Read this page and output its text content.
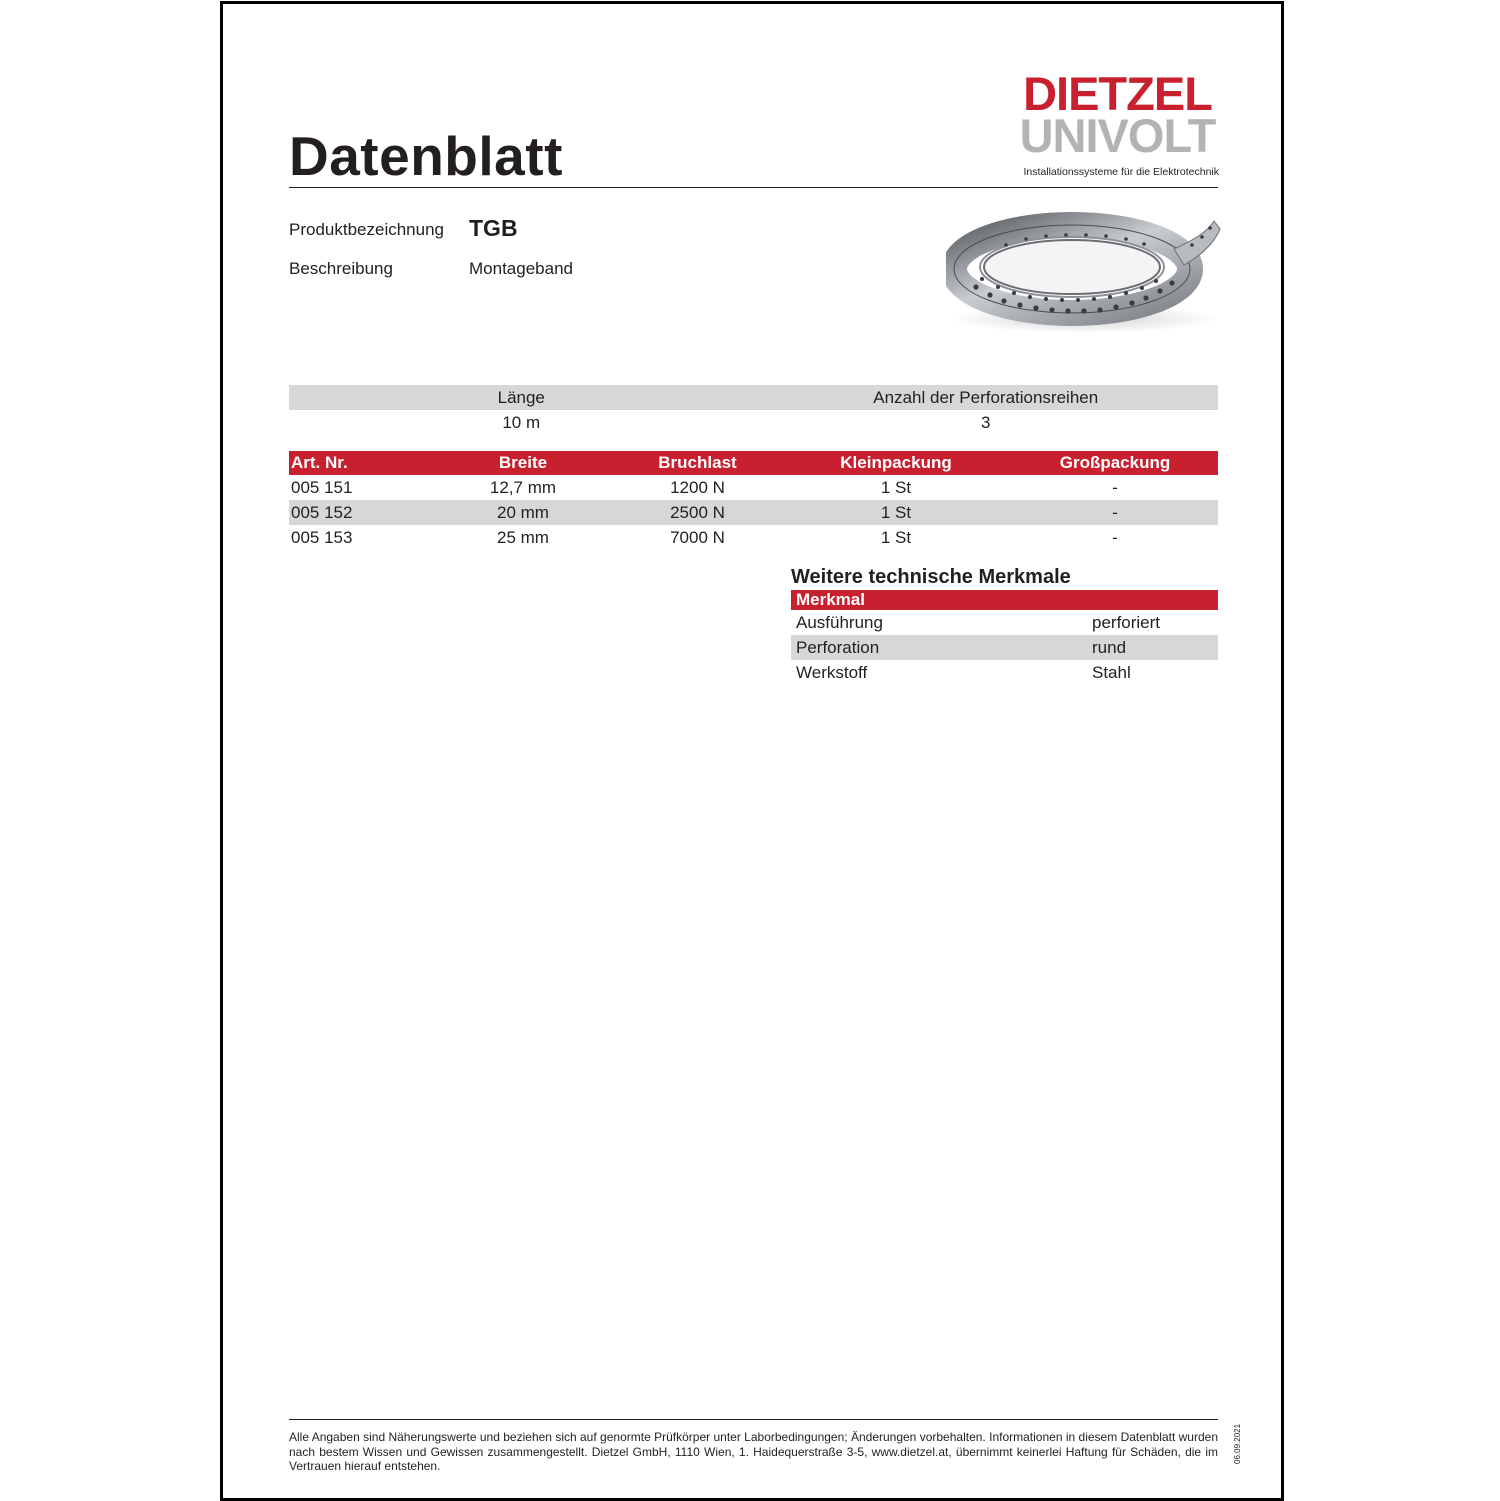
Datenblatt
DIETZEL
UNIVOLT
Installationssysteme für die Elektrotechnik
Produktbezeichnung TGB
Beschreibung	Montageband
Länge	Anzahl der Perforationsreihen
10 m	3
Art. Nr.	Breite	Bruchlast	Kleinpackung	Großpackung
005 151	12,7 mm	1200 N	1 St	-
005 152	20 mm	2500 N	1 St	-
005 153	25 mm	7000 N	1 St	-
Weitere technische Merkmale
Merkmal	
Ausführung	perforiert
Perforation	rund
Werkstoff	Stahl
Alle Angaben sind Näherungswerte und beziehen sich auf genormte Prüfkörper unter Laborbedingungen; Änderungen vorbehalten. Informationen in diesem Datenblatt wurden nach bestem Wissen und Gewissen zusammengestellt. Dietzel GmbH, 1110 Wien, 1. Haidequerstraße 3-5, www.dietzel.at, übernimmt keinerlei Haftung für Schäden, die im Vertrauen hierauf entstehen.
06.09.2021
